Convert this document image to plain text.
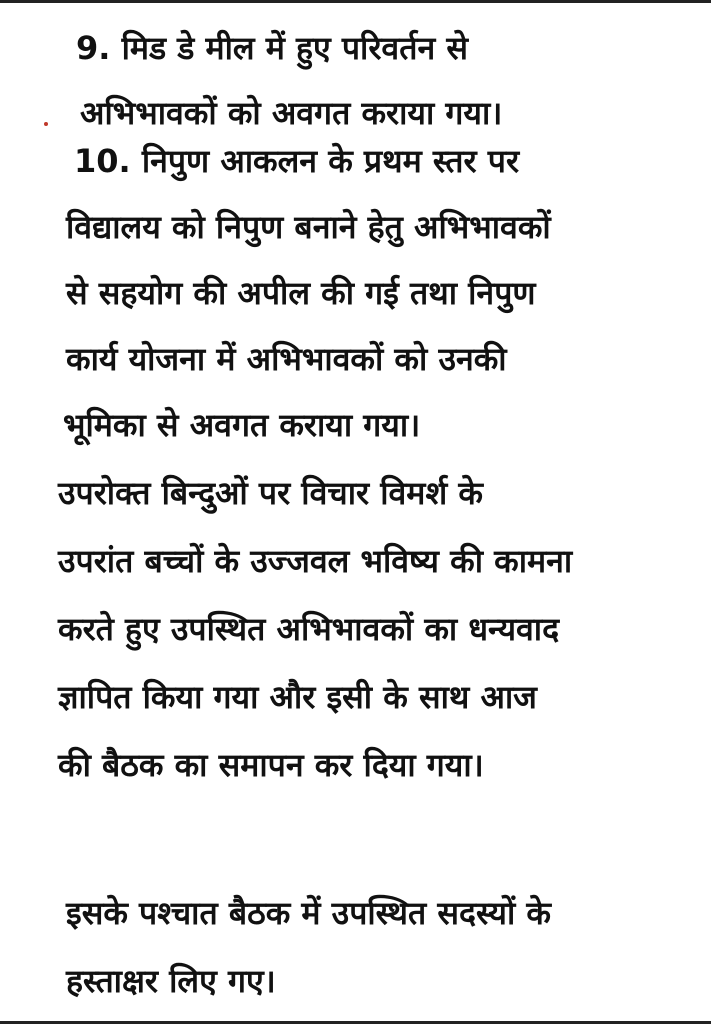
9. मिड डे मील में हुए परिवर्तन से
अभिभावकों को अवगत कराया गया।
10. निपुण आकलन के प्रथम स्तर पर
विद्यालय को निपुण बनाने हेतु अभिभावकों
से सहयोग की अपील की गई तथा निपुण
कार्य योजना में अभिभावकों को उनकी
भूमिका से अवगत कराया गया।
उपरोक्त बिन्दुओं पर विचार विमर्श के
उपरांत बच्चों के उज्जवल भविष्य की कामना
करते हुए उपस्थित अभिभावकों का धन्यवाद
ज्ञापित किया गया और इसी के साथ आज
की बैठक का समापन कर दिया गया।
इसके पश्चात बैठक में उपस्थित सदस्यों के
हस्ताक्षर लिए गए।
